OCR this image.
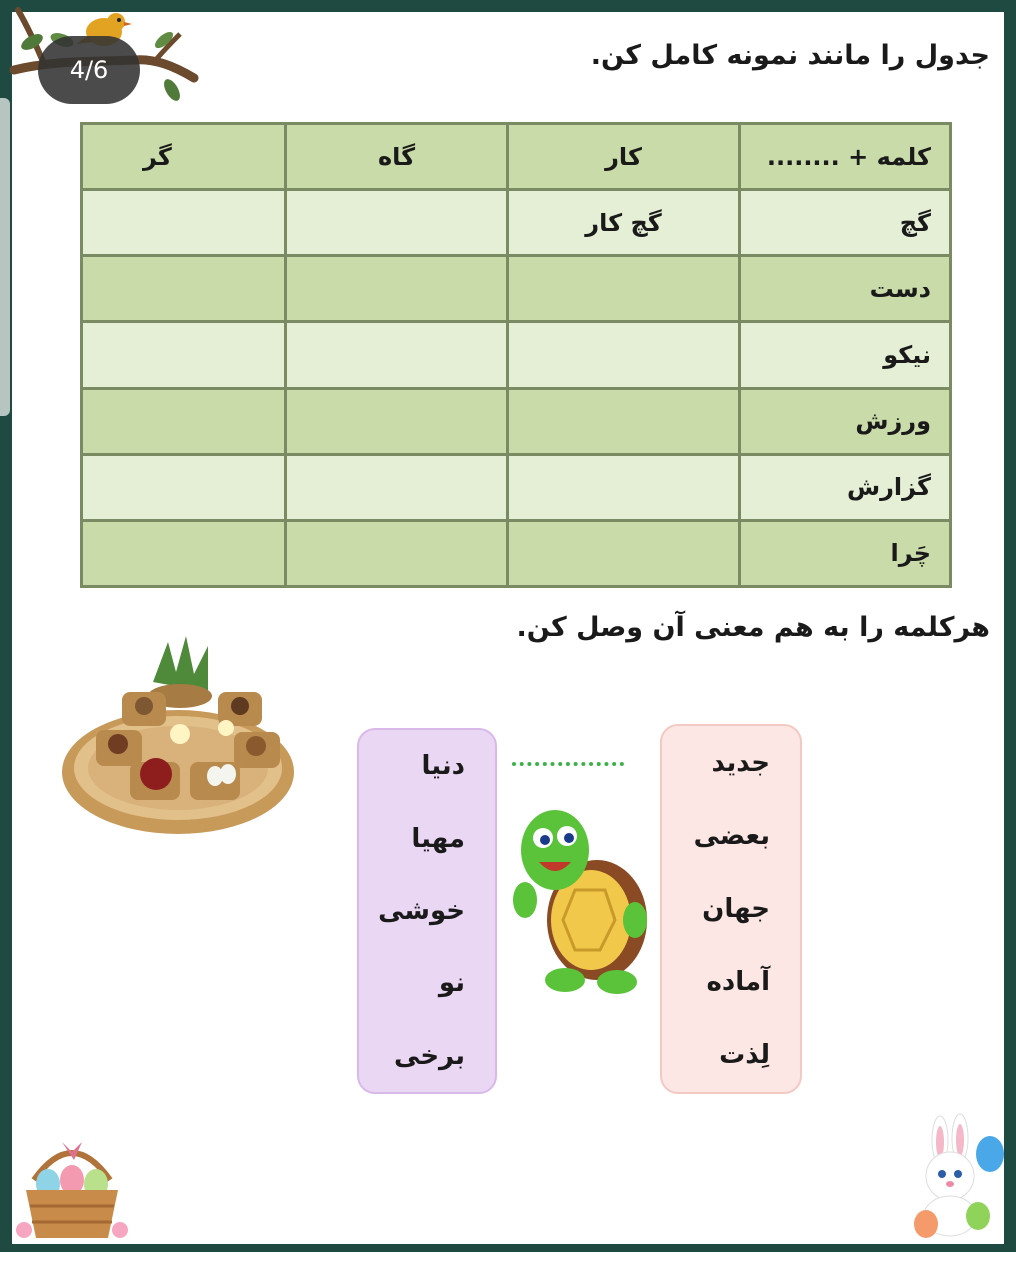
4/6	جدول را مانند نمونه کامل کن.
کلمه + ........
کار
گاه
گر
گچ
گچ کار
دست
نیکو
ورزش
گزارش
چَرا
هرکلمه را به هم معنی آن وصل کن.
جدید
بعضی
جهان
آماده
لِذت
دنیا
مهیا
خوشی
نو
برخی
